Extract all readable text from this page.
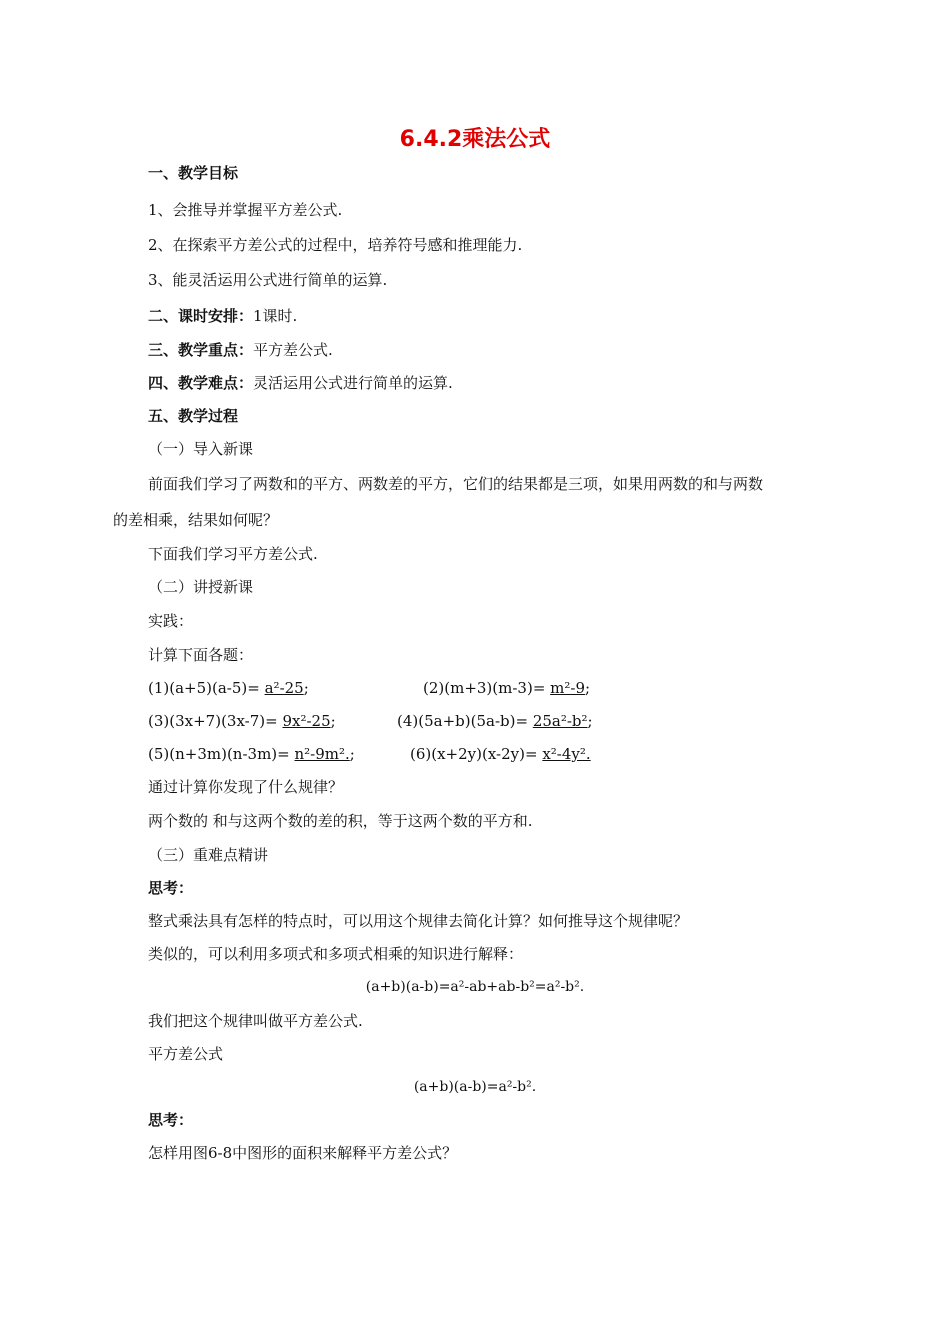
6.4.2乘法公式
一、教学目标
1、会推导并掌握平方差公式.
2、在探索平方差公式的过程中，培养符号感和推理能力.
3、能灵活运用公式进行简单的运算.
二、课时安排：1课时.
三、教学重点：平方差公式.
四、教学难点：灵活运用公式进行简单的运算.
五、教学过程
（一）导入新课
前面我们学习了两数和的平方、两数差的平方，它们的结果都是三项，如果用两数的和与两数
的差相乘，结果如何呢？
下面我们学习平方差公式.
（二）讲授新课
实践：
计算下面各题：
(1)(a+5)(a-5)= a²-25;	(2)(m+3)(m-3)= m²-9;
(3)(3x+7)(3x-7)= 9x²-25;	(4)(5a+b)(5a-b)= 25a²-b²;
(5)(n+3m)(n-3m)= n²-9m².;	(6)(x+2y)(x-2y)= x²-4y².
通过计算你发现了什么规律？
两个数的 和与这两个数的差的积，等于这两个数的平方和.
（三）重难点精讲
思考：
整式乘法具有怎样的特点时，可以用这个规律去简化计算？如何推导这个规律呢？
类似的，可以利用多项式和多项式相乘的知识进行解释：
(a+b)(a-b)=a²-ab+ab-b²=a²-b².
我们把这个规律叫做平方差公式.
平方差公式
(a+b)(a-b)=a²-b².
思考：
怎样用图6-8中图形的面积来解释平方差公式？
